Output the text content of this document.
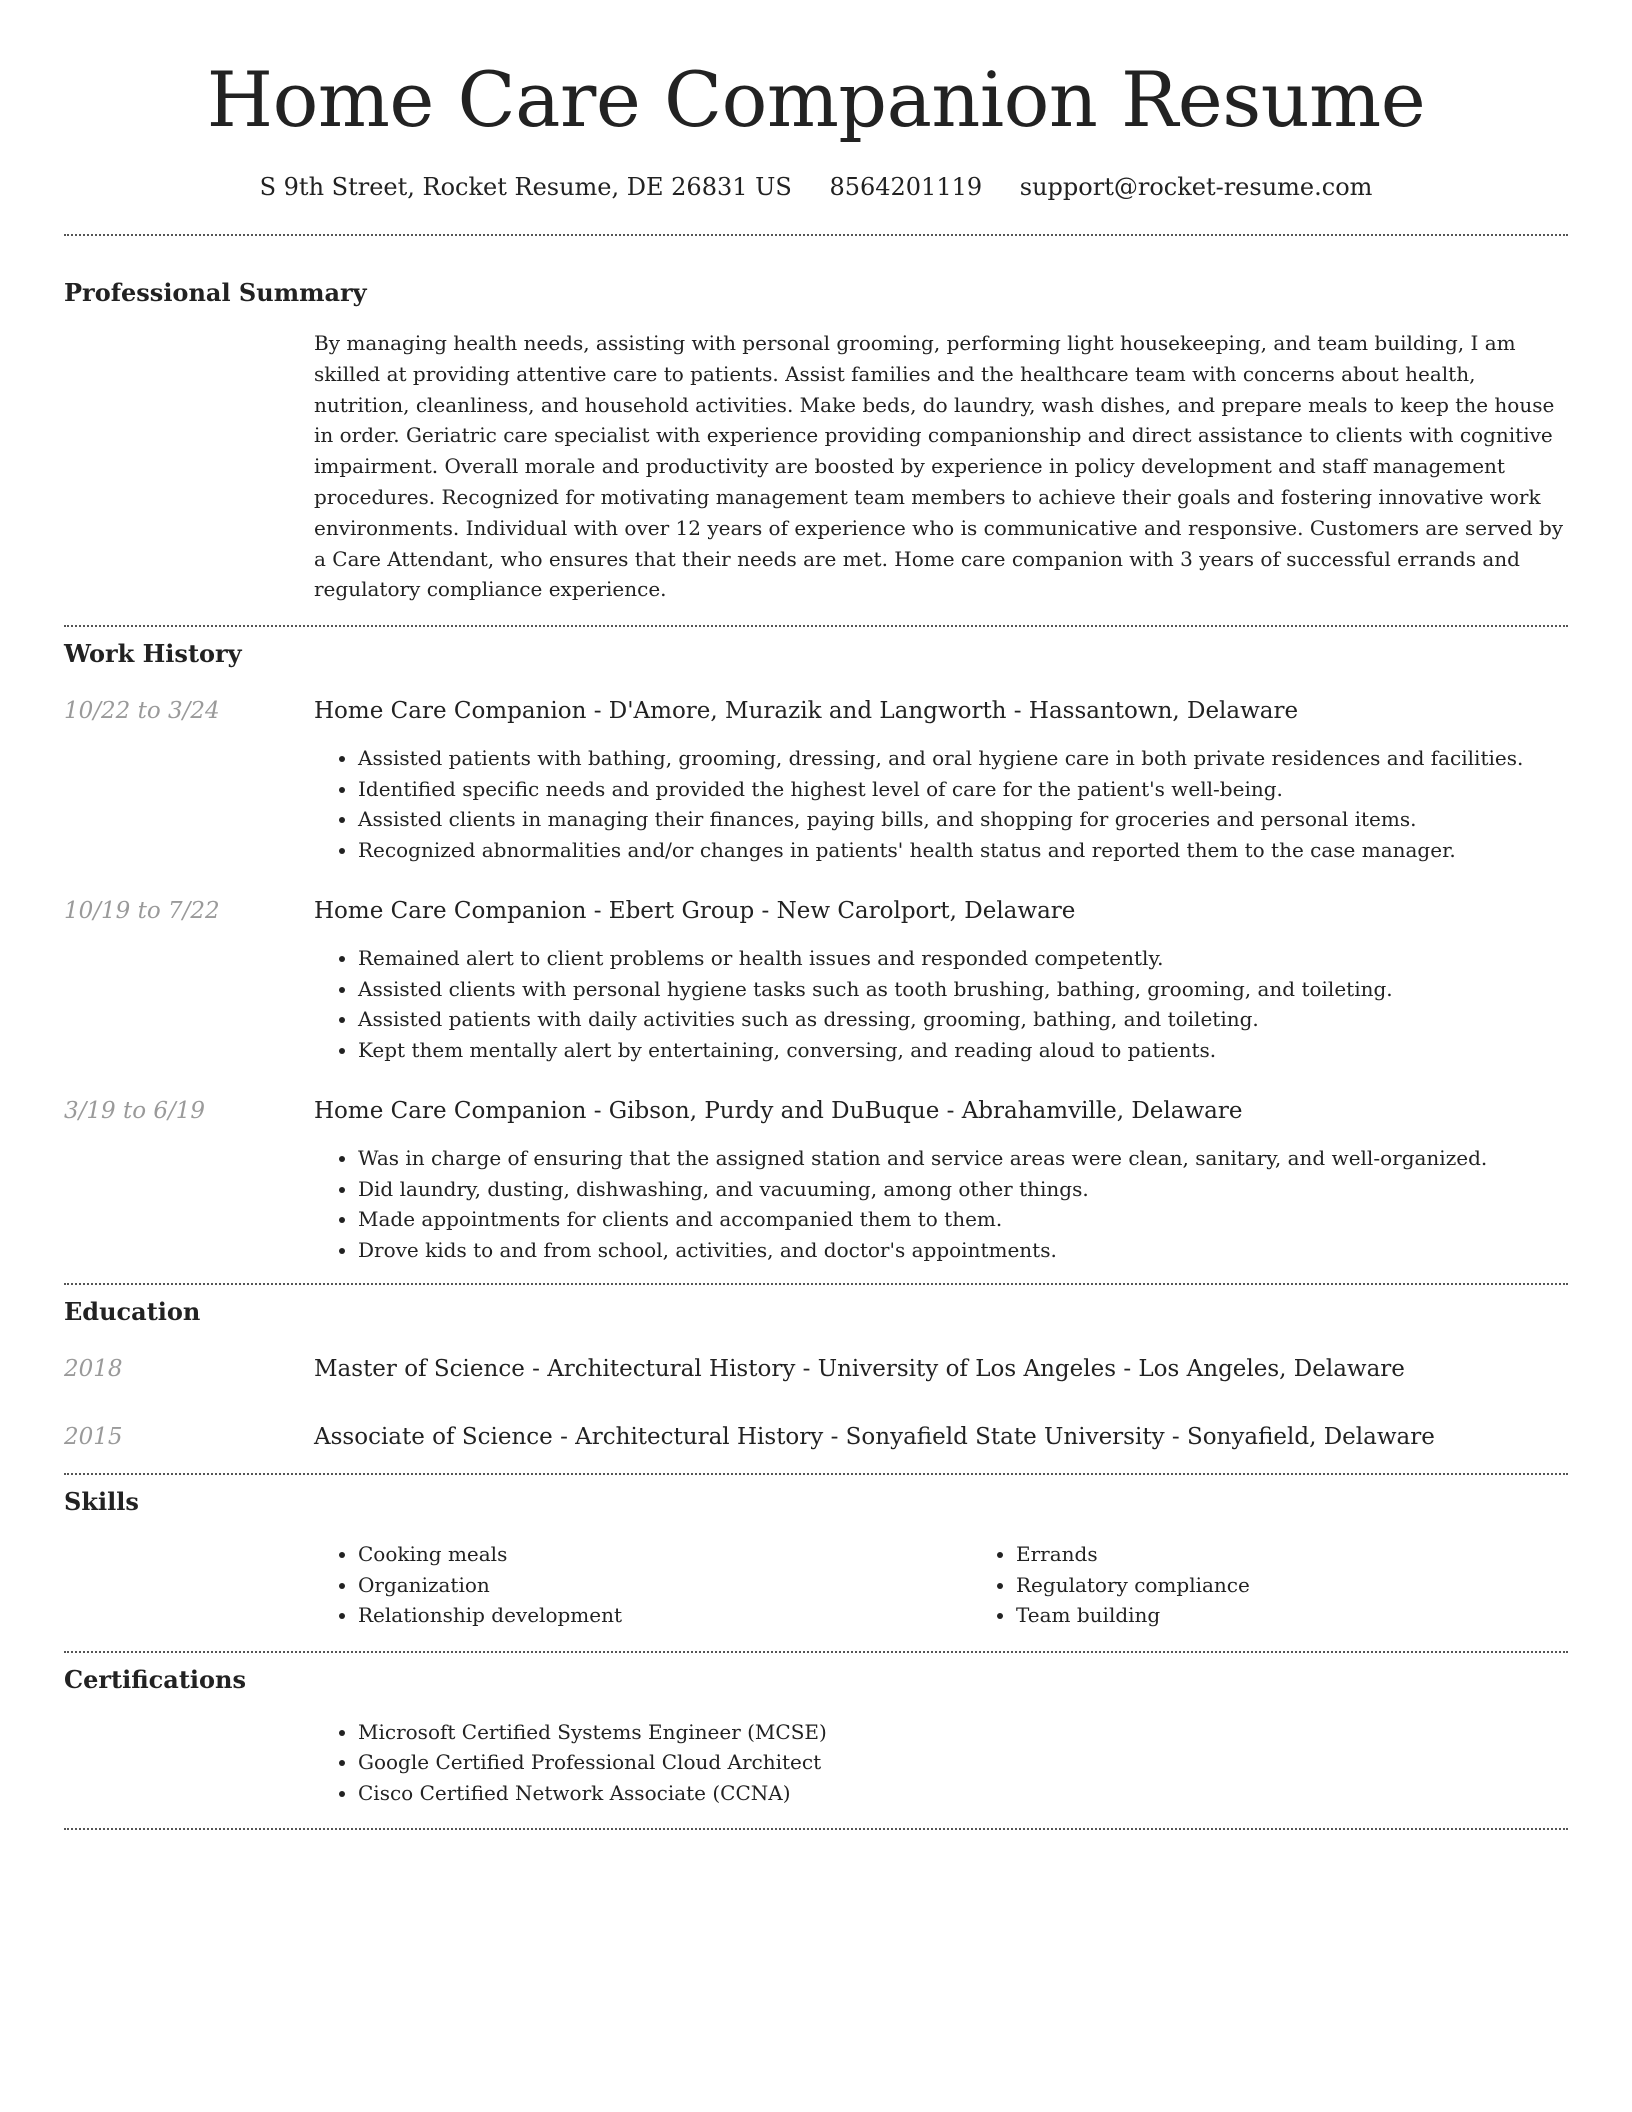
Home Care Companion Resume
S 9th Street, Rocket Resume, DE 26831 US 8564201119 support@rocket-resume.com
Professional Summary

By managing health needs, assisting with personal grooming, performing light housekeeping, and team building, I am skilled at providing attentive care to patients. Assist families and the healthcare team with concerns about health, nutrition, cleanliness, and household activities. Make beds, do laundry, wash dishes, and prepare meals to keep the house in order. Geriatric care specialist with experience providing companionship and direct assistance to clients with cognitive impairment. Overall morale and productivity are boosted by experience in policy development and staff management procedures. Recognized for motivating management team members to achieve their goals and fostering innovative work environments. Individual with over 12 years of experience who is communicative and responsive. Customers are served by a Care Attendant, who ensures that their needs are met. Home care companion with 3 years of successful errands and regulatory compliance experience.

Work History
10/22 to 3/24	Home Care Companion - D'Amore, Murazik and Langworth - Hassantown, Delaware
• Assisted patients with bathing, grooming, dressing, and oral hygiene care in both private residences and facilities.
• Identified specific needs and provided the highest level of care for the patient's well-being.
• Assisted clients in managing their finances, paying bills, and shopping for groceries and personal items.
• Recognized abnormalities and/or changes in patients' health status and reported them to the case manager.
10/19 to 7/22	Home Care Companion - Ebert Group - New Carolport, Delaware
• Remained alert to client problems or health issues and responded competently.
• Assisted clients with personal hygiene tasks such as tooth brushing, bathing, grooming, and toileting.
• Assisted patients with daily activities such as dressing, grooming, bathing, and toileting.
• Kept them mentally alert by entertaining, conversing, and reading aloud to patients.
3/19 to 6/19	Home Care Companion - Gibson, Purdy and DuBuque - Abrahamville, Delaware
• Was in charge of ensuring that the assigned station and service areas were clean, sanitary, and well-organized.
• Did laundry, dusting, dishwashing, and vacuuming, among other things.
• Made appointments for clients and accompanied them to them.
• Drove kids to and from school, activities, and doctor's appointments.
Education
2018	Master of Science - Architectural History - University of Los Angeles - Los Angeles, Delaware
2015	Associate of Science - Architectural History - Sonyafield State University - Sonyafield, Delaware
Skills
• Cooking meals
• Organization
• Relationship development
• Errands
• Regulatory compliance
• Team building
Certifications
• Microsoft Certified Systems Engineer (MCSE)
• Google Certified Professional Cloud Architect
• Cisco Certified Network Associate (CCNA)
